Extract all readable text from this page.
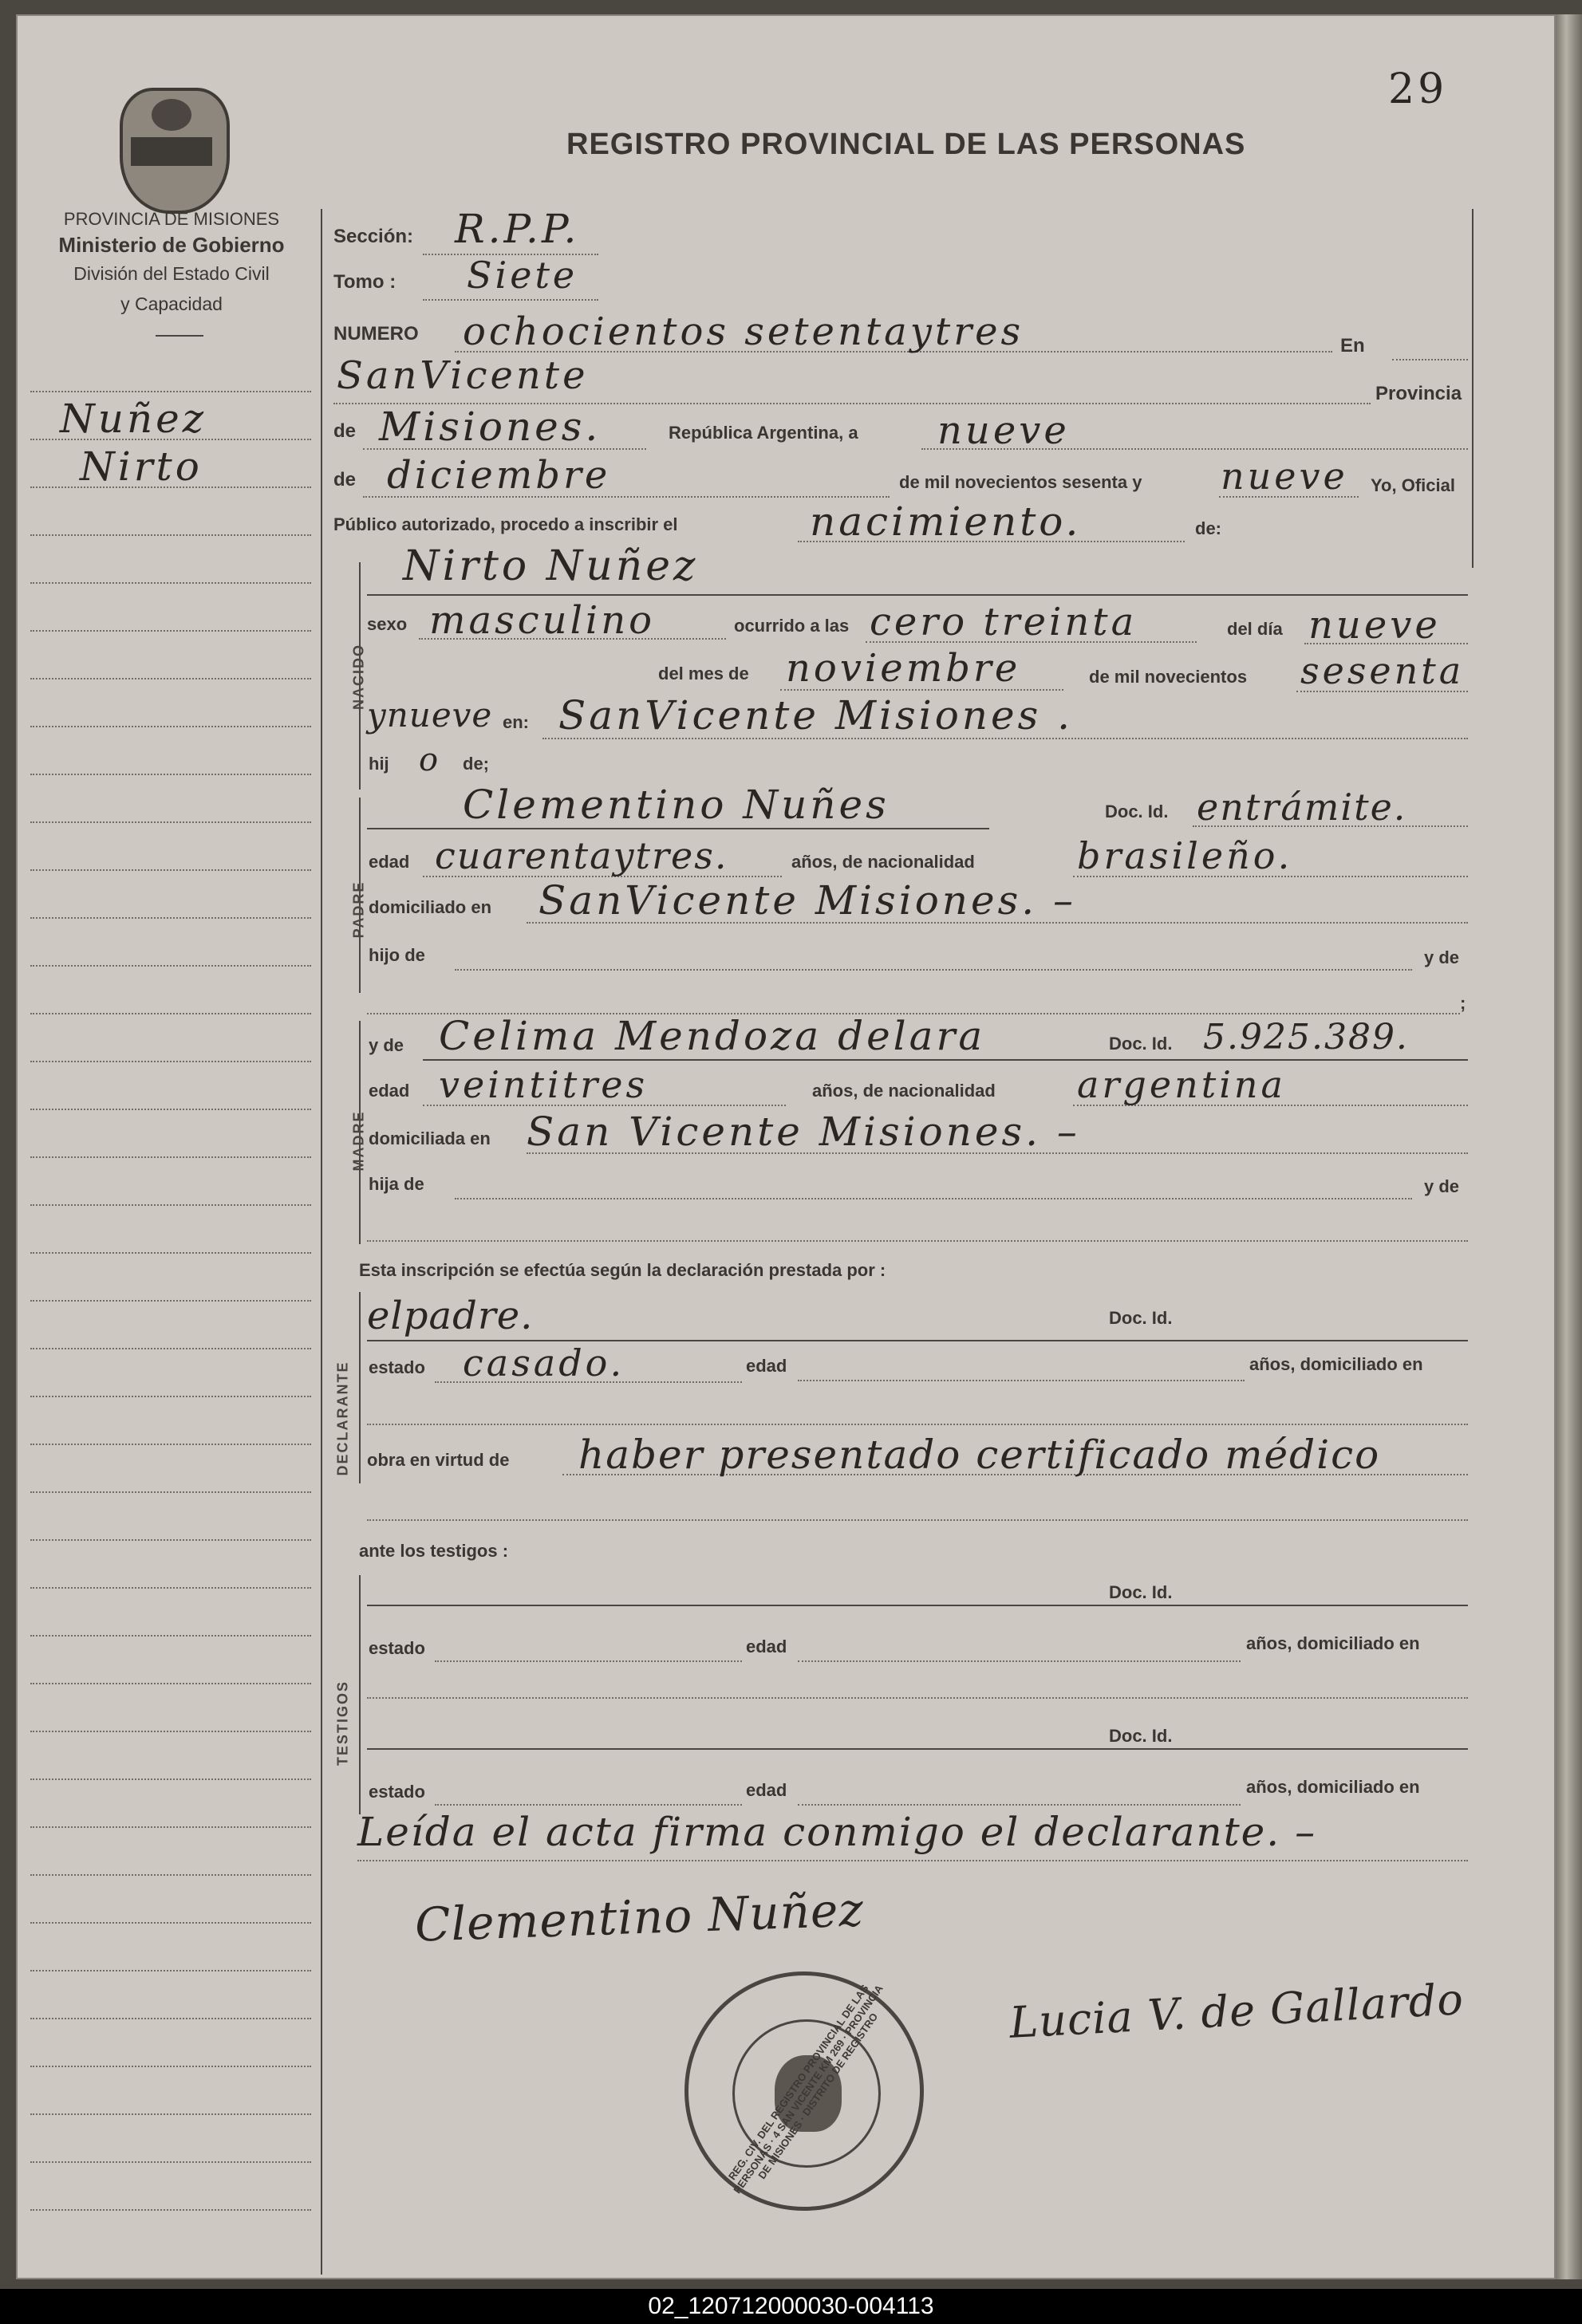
29
REGISTRO PROVINCIAL DE LAS PERSONAS
PROVINCIA DE MISIONES
Ministerio de Gobierno
División del Estado Civil
y Capacidad
Nuñez
Nirto
Sección: R.P.P.
Tomo : Siete
NUMERO ochocientos setentaytres	En
SanVicente	Provincia
de Misiones.	República Argentina, a nueve
de diciembre	de mil novecientos sesenta y nueve Yo, Oficial
Público autorizado, procedo a inscribir el	nacimiento.	de:
NACIDO
Nirto Nuñez
sexo masculino	ocurrido a las cero treinta	del día nueve
del mes de noviembre	de mil novecientos sesenta
ynueve en: SanVicente Misiones .
hij o de;
PADRE
Clementino Nuñes	Doc. Id. entrámite.
edad cuarentaytres.	años, de nacionalidad	brasileño.
domiciliado en SanVicente Misiones. –
hijo de	y de
;
MADRE
y de Celima Mendoza delara	Doc. Id. 5.925.389.
edad veintitres	años, de nacionalidad argentina
domiciliada en San Vicente Misiones. –
hija de	y de
Esta inscripción se efectúa según la declaración prestada por :
DECLARANTE
elpadre.	Doc. Id.
estado casado.	edad	años, domiciliado en
obra en virtud de haber presentado certificado médico
ante los testigos :
TESTIGOS
Doc. Id.
estado	edad	años, domiciliado en
Doc. Id.
estado	edad	años, domiciliado en
Leída el acta firma conmigo el declarante. –
Clementino Nuñez
Lucia V. de Gallardo
REG. CIV. DEL REGISTRO PROVINCIAL DE LAS PERSONAS · 4 SAN VICENTE KM 269 · PROVINCIA DE MISIONES · DISTRITO DE REGISTRO
02_120712000030-004113
